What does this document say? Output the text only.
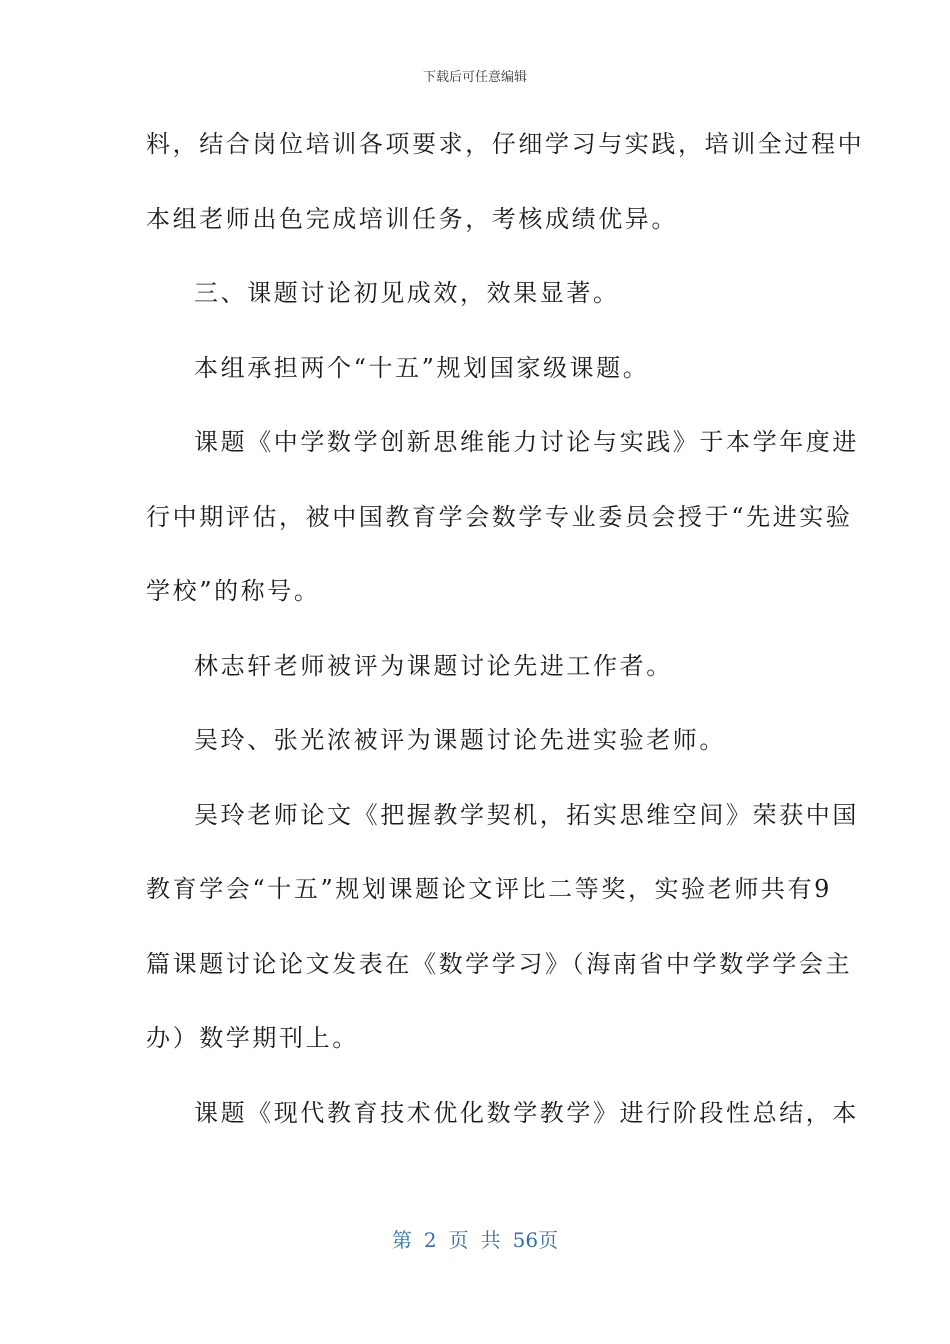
下载后可任意编辑
料，结合岗位培训各项要求，仔细学习与实践，培训全过程中
本组老师出色完成培训任务，考核成绩优异。
三、课题讨论初见成效，效果显著。
本组承担两个“十五”规划国家级课题。
课题《中学数学创新思维能力讨论与实践》于本学年度进
行中期评估，被中国教育学会数学专业委员会授于“先进实验
学校”的称号。
林志轩老师被评为课题讨论先进工作者。
吴玲、张光浓被评为课题讨论先进实验老师。
吴玲老师论文《把握教学契机，拓实思维空间》荣获中国
教育学会“十五”规划课题论文评比二等奖，实验老师共有9
篇课题讨论论文发表在《数学学习》（海南省中学数学学会主
办）数学期刊上。
课题《现代教育技术优化数学教学》进行阶段性总结，本
第 2 页 共 56页
